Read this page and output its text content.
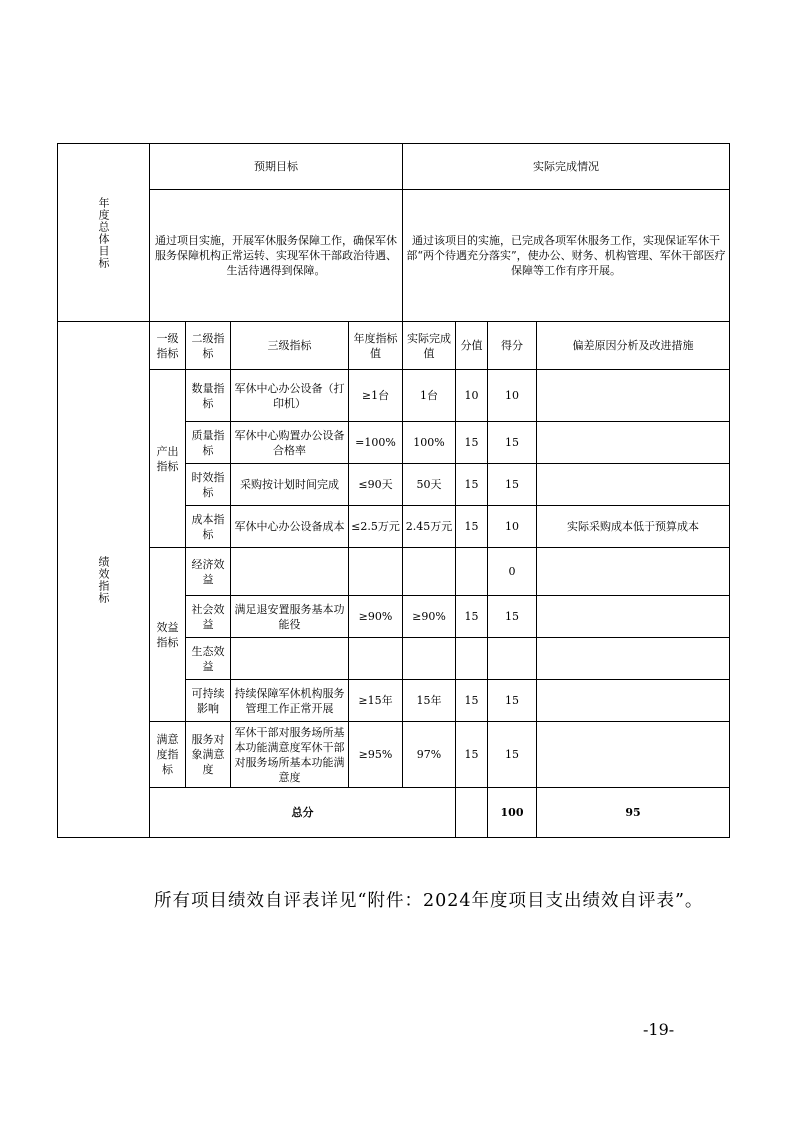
年度总体目标	预期目标				实际完成情况				
	通过项目实施，开展军休服务保障工作，确保军休服务保障机构正常运转、实现军休干部政治待遇、生活待遇得到保障。				通过该项目的实施，已完成各项军休服务工作，实现保证军休干部“两个待遇充分落实”，使办公、财务、机构管理、军休干部医疗保障等工作有序开展。				
绩效指标	一级指标	二级指标	三级指标	年度指标值	实际完成值	分值	得分	偏差原因分析及改进措施	
	产出指标	数量指标	军休中心办公设备（打印机）	≥1台	1台	10	10		
		质量指标	军休中心购置办公设备合格率	=100%	100%	15	15		
		时效指标	采购按计划时间完成	≤90天	50天	15	15		
		成本指标	军休中心办公设备成本	≤2.5万元	2.45万元	15	10	实际采购成本低于预算成本	
	效益指标	经济效益					0		
		社会效益	满足退安置服务基本功能役	≥90%	≥90%	15	15		
		生态效益							
		可持续影响	持续保障军休机构服务管理工作正常开展	≥15年	15年	15	15		
	满意度指标	服务对象满意度	军休干部对服务场所基本功能满意度军休干部对服务场所基本功能满意度	≥95%	97%	15	15		
	总分						100	95	
所有项目绩效自评表详见“附件：2024年度项目支出绩效自评表”。
-19-
